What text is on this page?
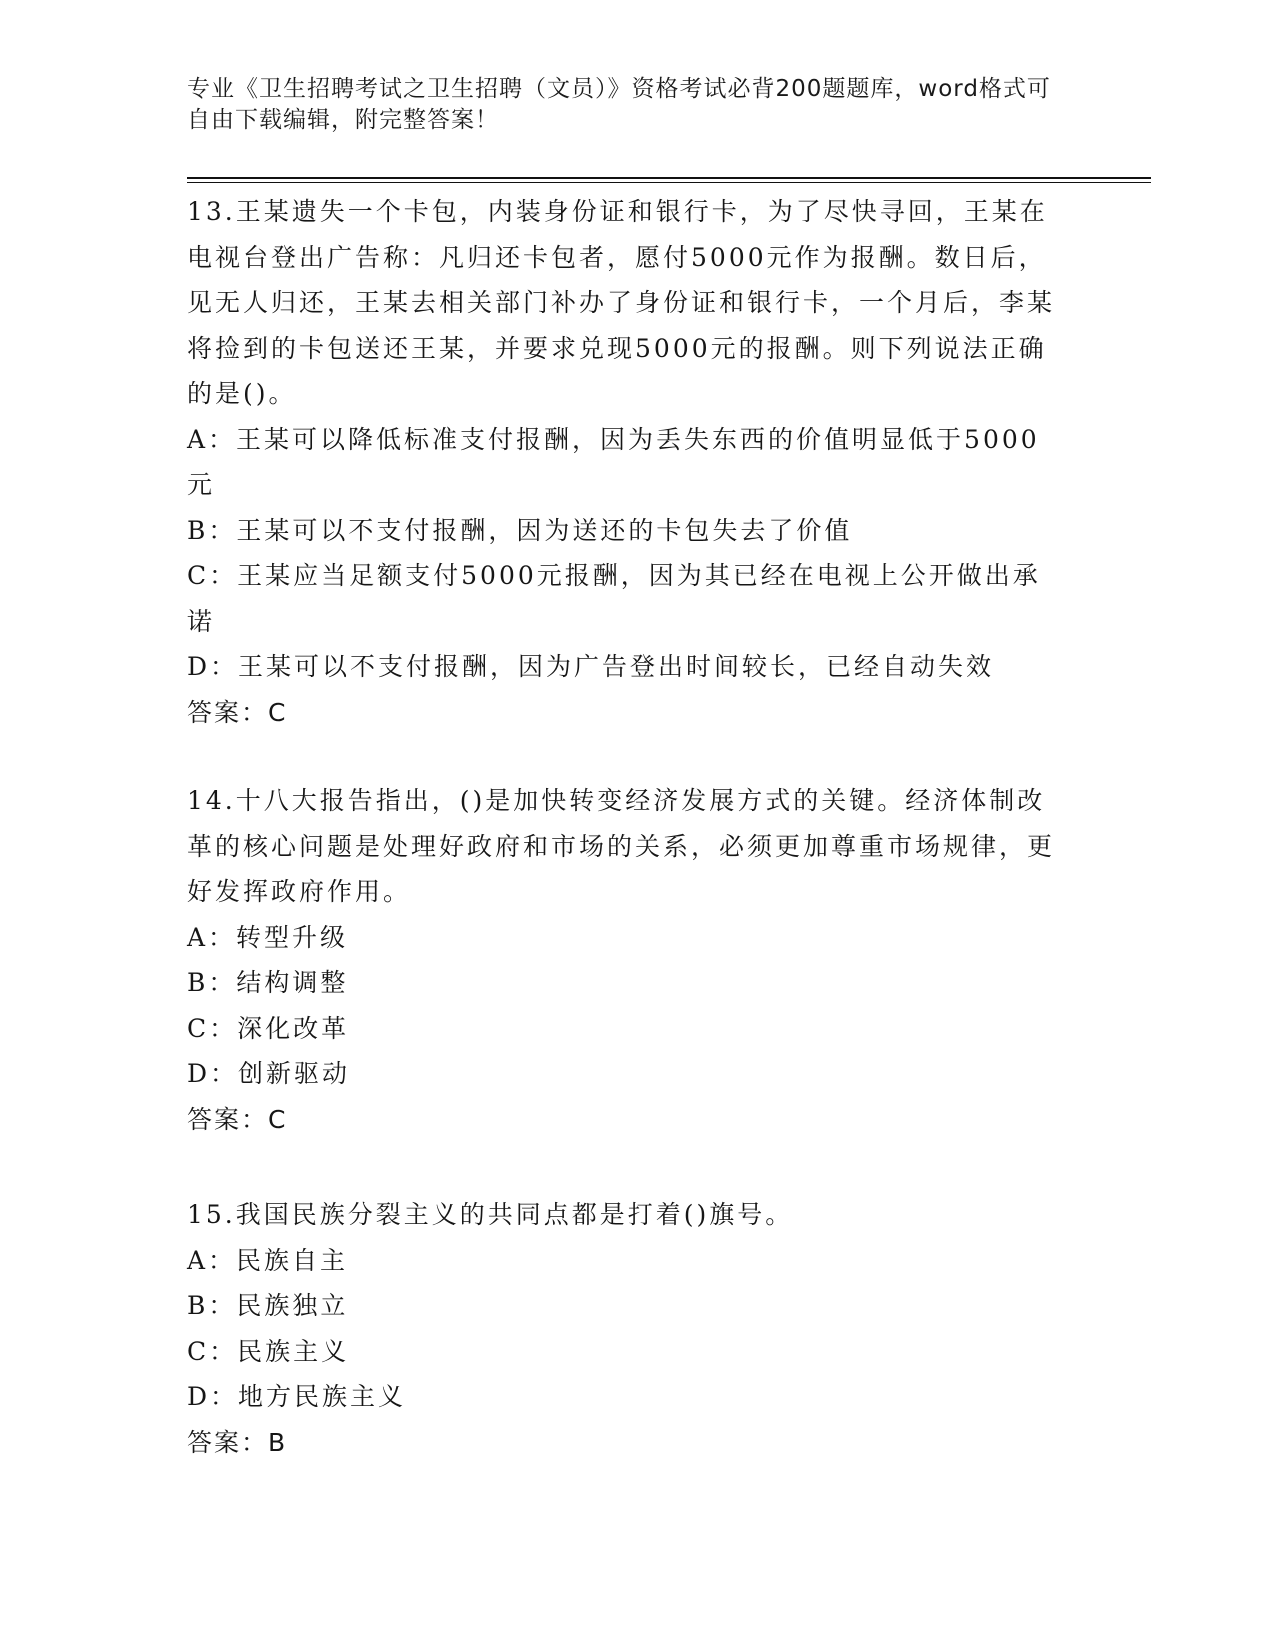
专业《卫生招聘考试之卫生招聘（文员）》资格考试必背200题题库，word格式可自由下载编辑，附完整答案！

13.王某遗失一个卡包，内装身份证和银行卡，为了尽快寻回，王某在电视台登出广告称：凡归还卡包者，愿付5000元作为报酬。数日后，见无人归还，王某去相关部门补办了身份证和银行卡，一个月后，李某将捡到的卡包送还王某，并要求兑现5000元的报酬。则下列说法正确的是()。

A：王某可以降低标准支付报酬，因为丢失东西的价值明显低于5000元

B：王某可以不支付报酬，因为送还的卡包失去了价值

C：王某应当足额支付5000元报酬，因为其已经在电视上公开做出承诺

D：王某可以不支付报酬，因为广告登出时间较长，已经自动失效

答案：C

14.十八大报告指出，()是加快转变经济发展方式的关键。经济体制改革的核心问题是处理好政府和市场的关系，必须更加尊重市场规律，更好发挥政府作用。

A：转型升级

B：结构调整

C：深化改革

D：创新驱动

答案：C

15.我国民族分裂主义的共同点都是打着()旗号。

A：民族自主

B：民族独立

C：民族主义

D：地方民族主义

答案：B
